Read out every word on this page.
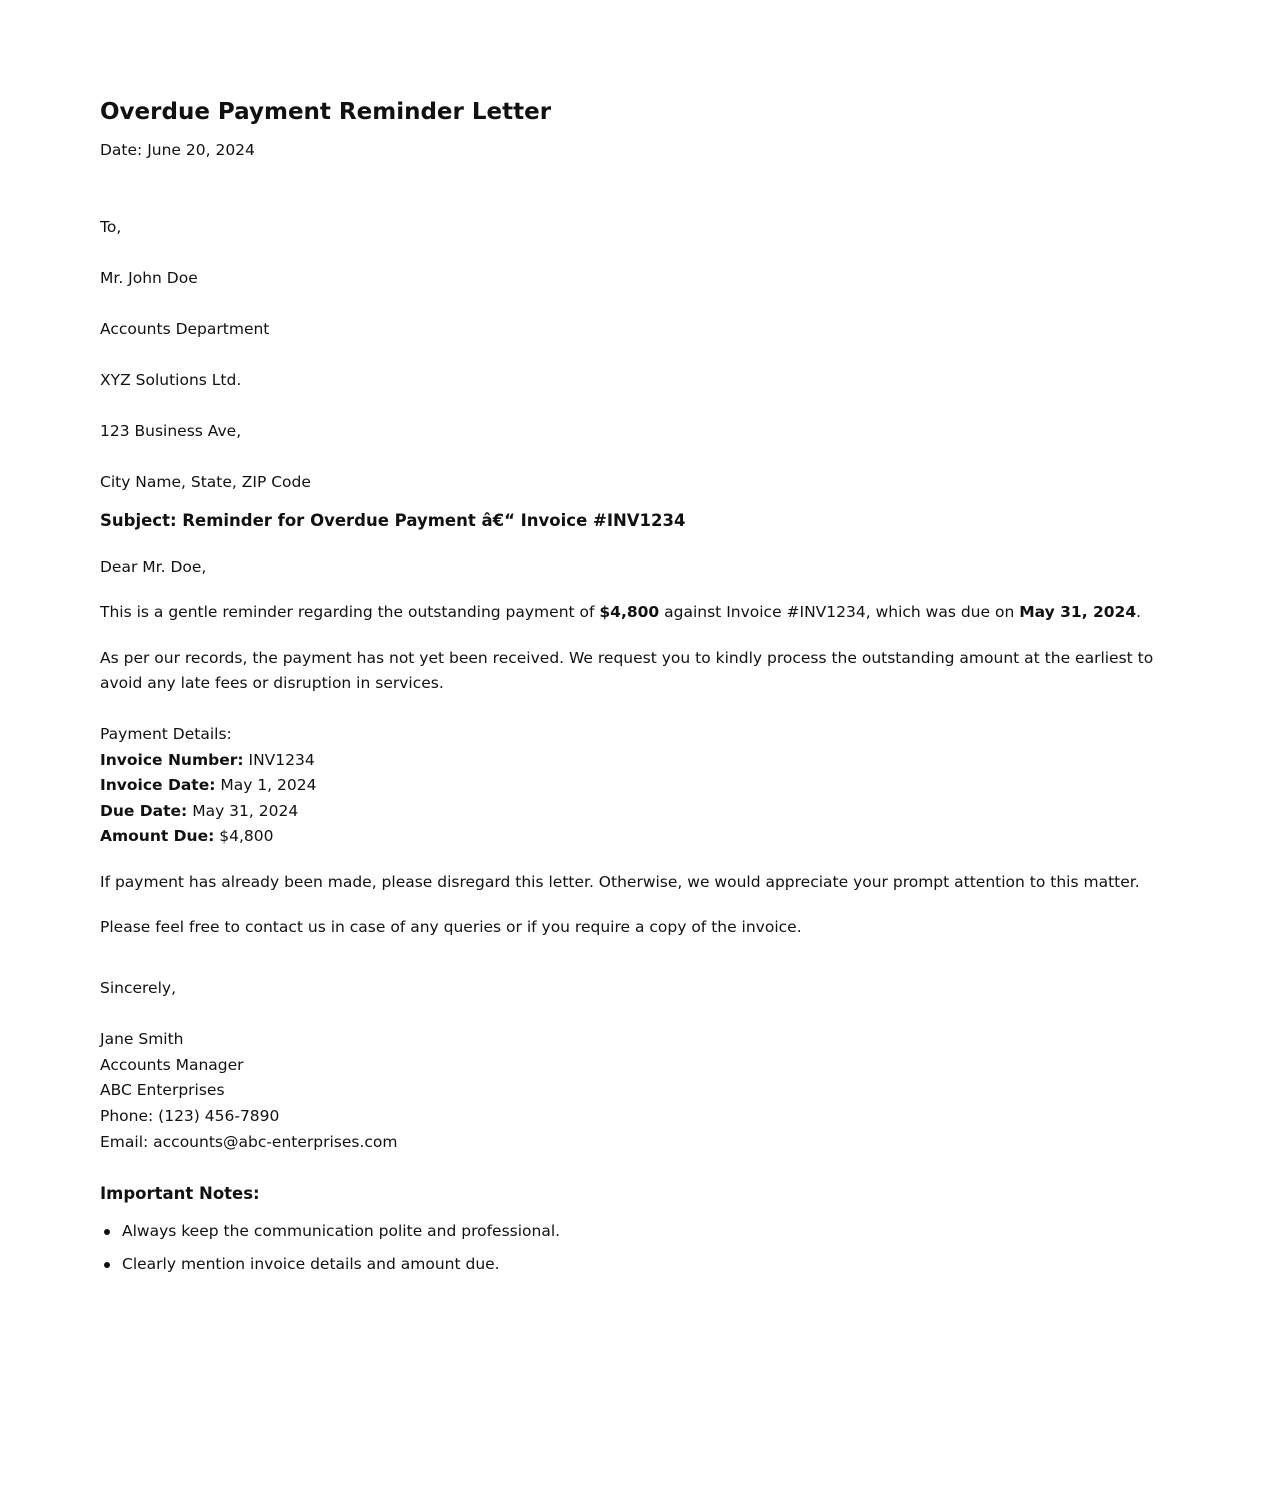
Overdue Payment Reminder Letter

Date: June 20, 2024

To,

Mr. John Doe

Accounts Department

XYZ Solutions Ltd.

123 Business Ave,

City Name, State, ZIP Code

Subject: Reminder for Overdue Payment â€“ Invoice #INV1234

Dear Mr. Doe,

This is a gentle reminder regarding the outstanding payment of $4,800 against Invoice #INV1234, which was due on May 31, 2024.

As per our records, the payment has not yet been received. We request you to kindly process the outstanding amount at the earliest to avoid any late fees or disruption in services.

Payment Details:
Invoice Number: INV1234
Invoice Date: May 1, 2024
Due Date: May 31, 2024
Amount Due: $4,800

If payment has already been made, please disregard this letter. Otherwise, we would appreciate your prompt attention to this matter.

Please feel free to contact us in case of any queries or if you require a copy of the invoice.

Sincerely,
Jane Smith
Accounts Manager
ABC Enterprises
Phone: (123) 456-7890
Email: accounts@abc-enterprises.com
Important Notes:
Always keep the communication polite and professional.
Clearly mention invoice details and amount due.
